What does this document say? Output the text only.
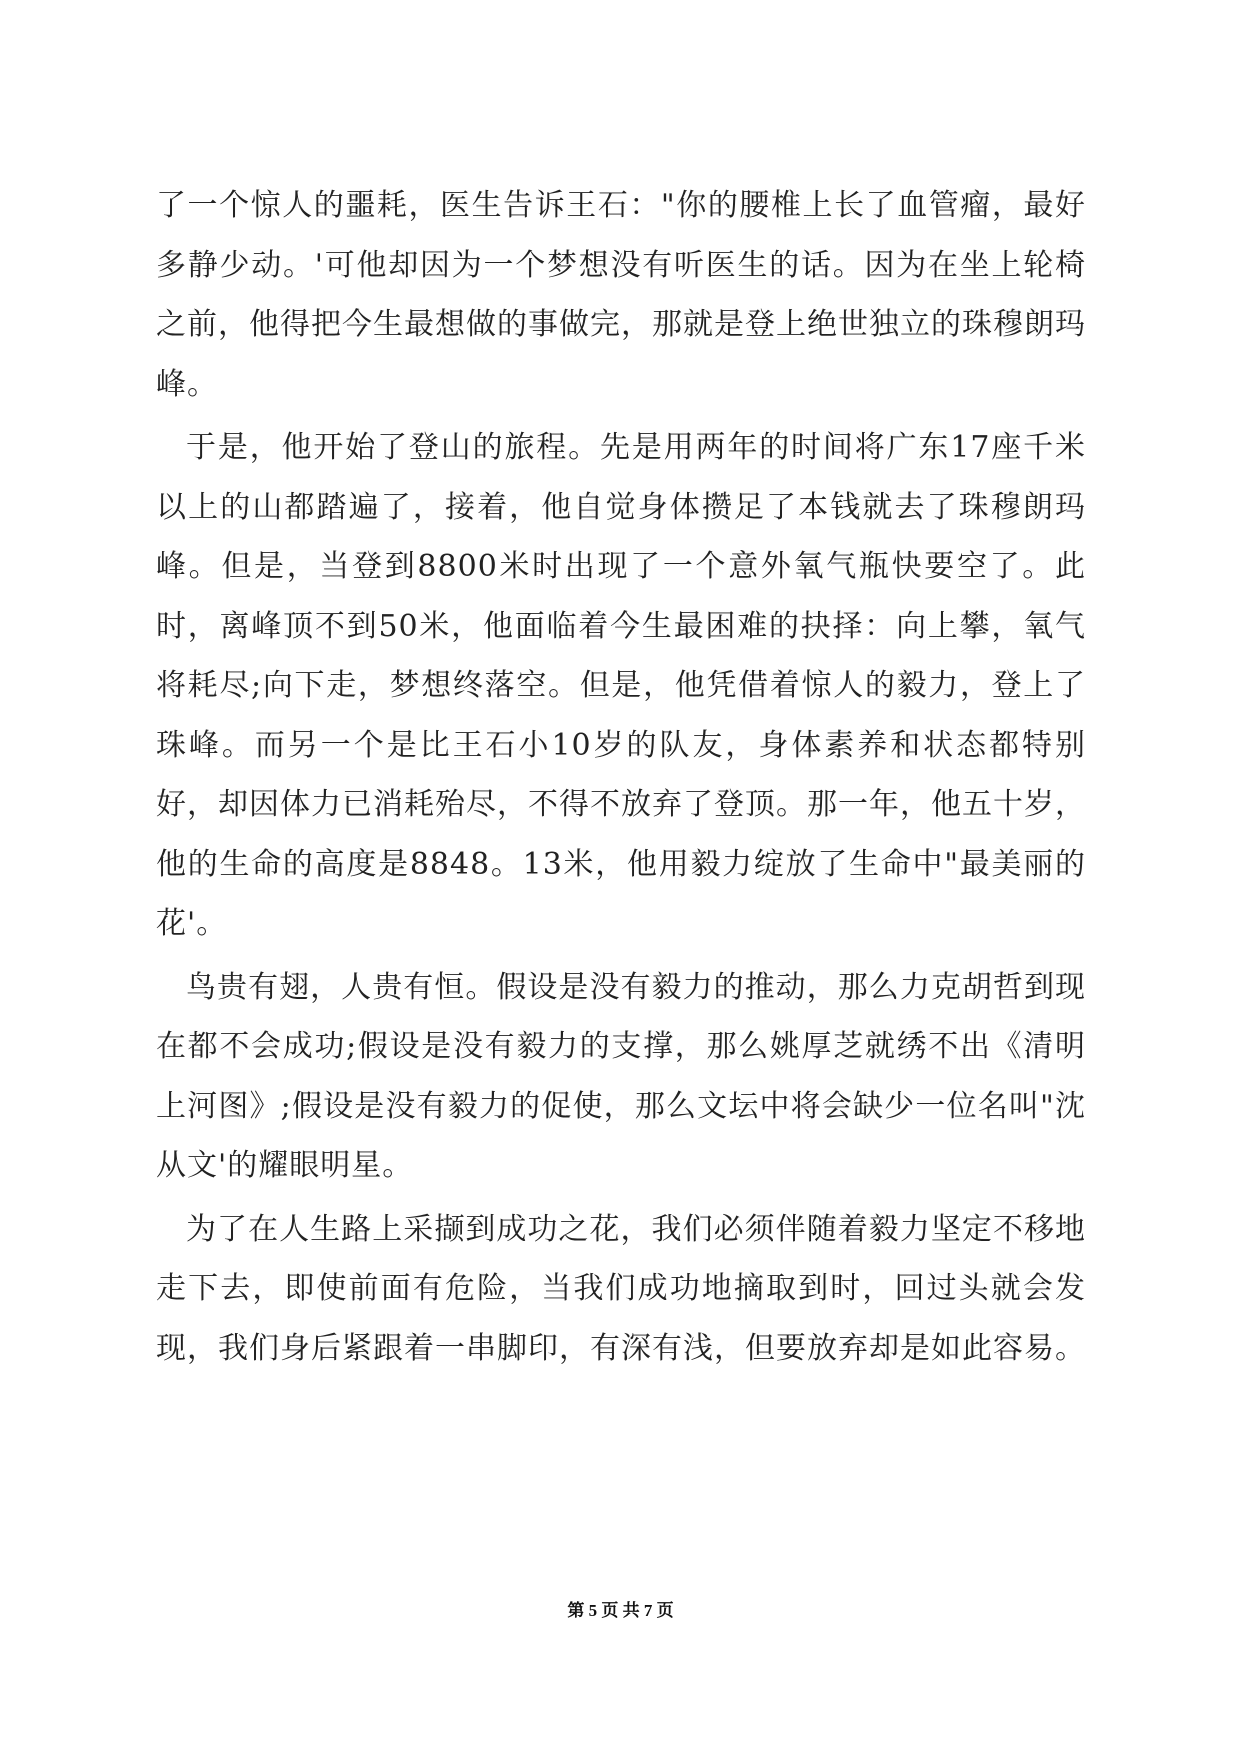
了一个惊人的噩耗，医生告诉王石："你的腰椎上长了血管瘤，最好多静少动。'可他却因为一个梦想没有听医生的话。因为在坐上轮椅之前，他得把今生最想做的事做完，那就是登上绝世独立的珠穆朗玛峰。

于是，他开始了登山的旅程。先是用两年的时间将广东17座千米以上的山都踏遍了，接着，他自觉身体攒足了本钱就去了珠穆朗玛峰。但是，当登到8800米时出现了一个意外氧气瓶快要空了。此时，离峰顶不到50米，他面临着今生最困难的抉择：向上攀，氧气将耗尽;向下走，梦想终落空。但是，他凭借着惊人的毅力，登上了珠峰。而另一个是比王石小10岁的队友，身体素养和状态都特别好，却因体力已消耗殆尽，不得不放弃了登顶。那一年，他五十岁，他的生命的高度是8848。13米，他用毅力绽放了生命中"最美丽的花'。

鸟贵有翅，人贵有恒。假设是没有毅力的推动，那么力克胡哲到现在都不会成功;假设是没有毅力的支撑，那么姚厚芝就绣不出《清明上河图》;假设是没有毅力的促使，那么文坛中将会缺少一位名叫"沈从文'的耀眼明星。

为了在人生路上采撷到成功之花，我们必须伴随着毅力坚定不移地走下去，即使前面有危险，当我们成功地摘取到时，回过头就会发现，我们身后紧跟着一串脚印，有深有浅，但要放弃却是如此容易。

第 5 页 共 7 页
